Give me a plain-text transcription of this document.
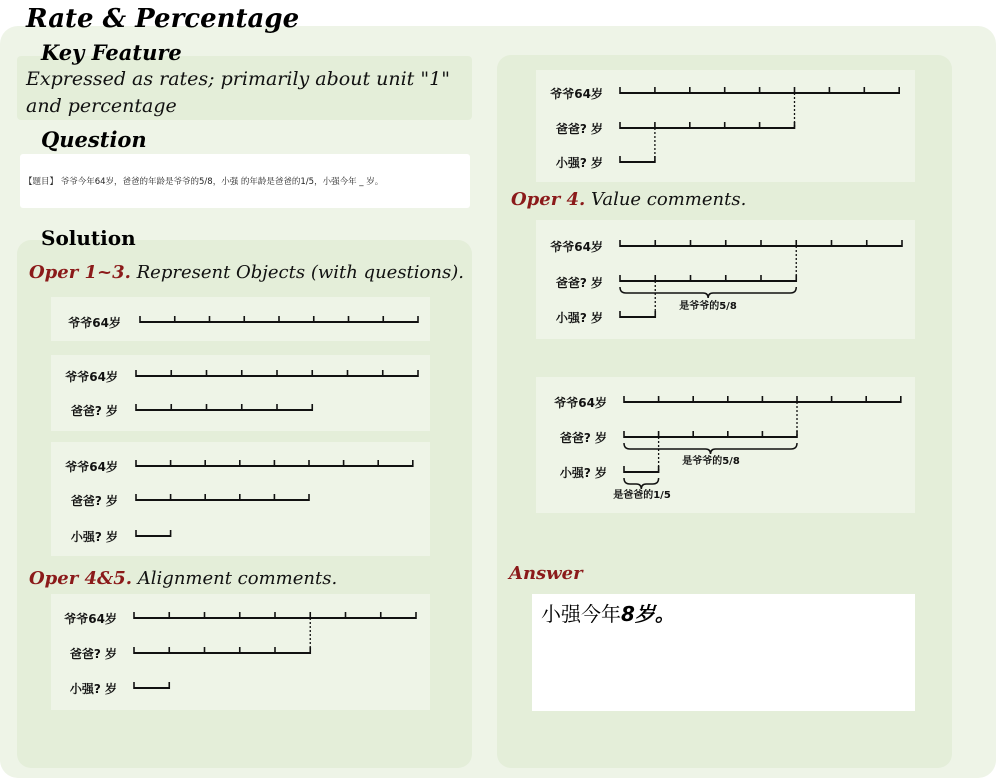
Rate & Percentage
Key Feature
Expressed as rates; primarily about unit "1" and percentage
Question
【题目】 爷爷今年64岁，爸爸的年龄是爷爷的5/8，小强 的年龄是爸爸的1/5，小强今年 _ 岁。
Solution
Oper 1~3. Represent Objects (with questions).
Oper 4&5. Alignment comments.
Oper 4. Value comments.
Answer
小强今年8岁。
爷爷64岁
爷爷64岁
爸爸? 岁
爷爷64岁
爸爸? 岁
小强? 岁
爷爷64岁
爸爸? 岁
小强? 岁
爷爷64岁
爸爸? 岁
小强? 岁
爷爷64岁
爸爸? 岁
是爷爷的5/8
小强? 岁
爷爷64岁
爸爸? 岁
是爷爷的5/8
小强? 岁
是爸爸的1/5
